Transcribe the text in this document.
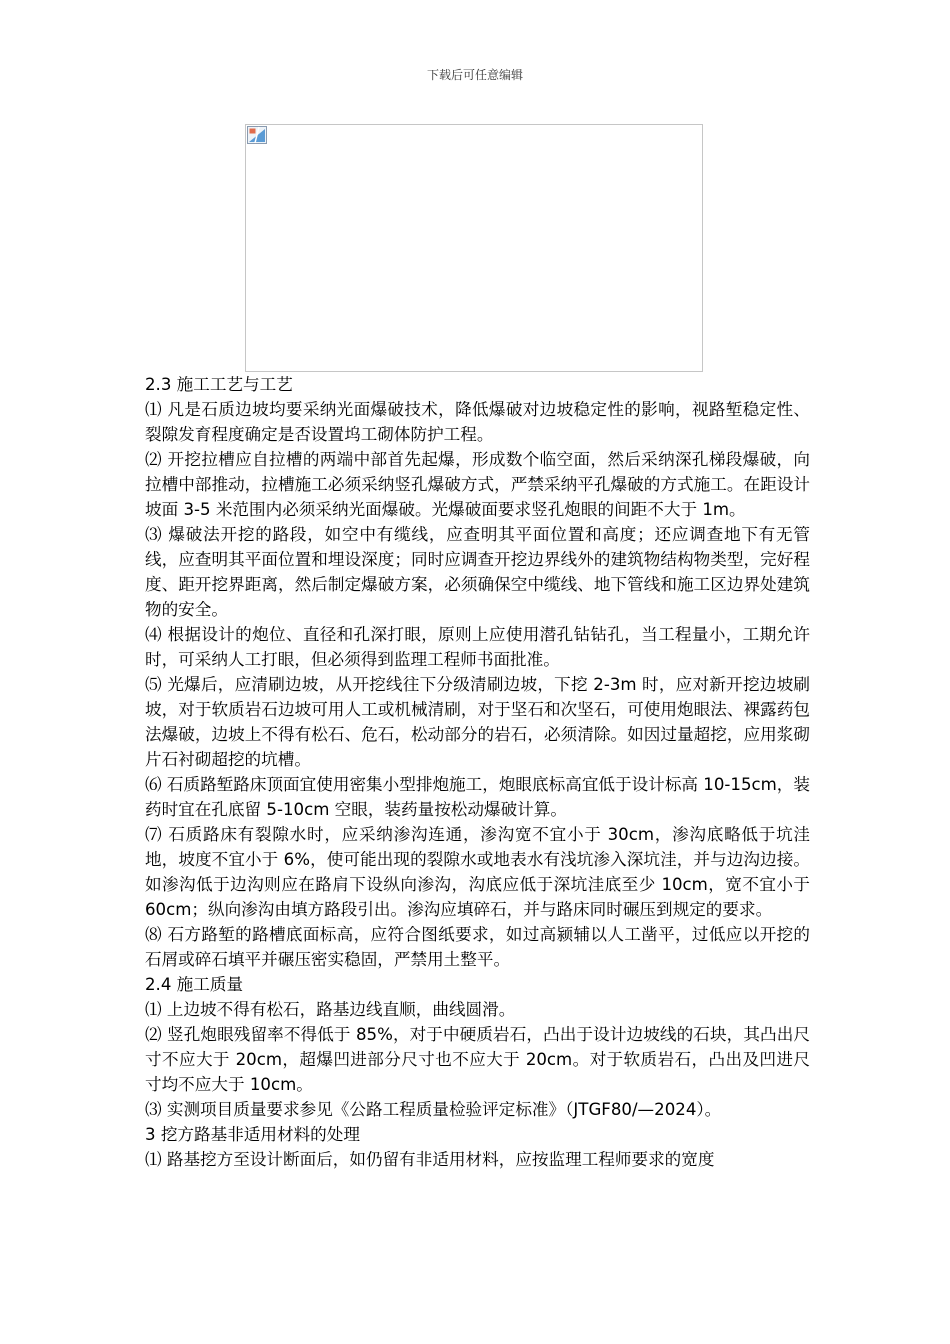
下载后可任意编辑

2.3 施工工艺与工艺

⑴ 凡是石质边坡均要采纳光面爆破技术，降低爆破对边坡稳定性的影响，视路堑稳定性、裂隙发育程度确定是否设置坞工砌体防护工程。

⑵ 开挖拉槽应自拉槽的两端中部首先起爆，形成数个临空面，然后采纳深孔梯段爆破，向拉槽中部推动，拉槽施工必须采纳竖孔爆破方式，严禁采纳平孔爆破的方式施工。在距设计坡面 3-5 米范围内必须采纳光面爆破。光爆破面要求竖孔炮眼的间距不大于 1m。

⑶ 爆破法开挖的路段，如空中有缆线，应查明其平面位置和高度；还应调查地下有无管线，应查明其平面位置和埋设深度；同时应调查开挖边界线外的建筑物结构物类型，完好程度、距开挖界距离，然后制定爆破方案，必须确保空中缆线、地下管线和施工区边界处建筑物的安全。

⑷ 根据设计的炮位、直径和孔深打眼，原则上应使用潜孔钻钻孔，当工程量小，工期允许时，可采纳人工打眼，但必须得到监理工程师书面批准。

⑸ 光爆后，应清刷边坡，从开挖线往下分级清刷边坡，下挖 2-3m 时，应对新开挖边坡刷坡，对于软质岩石边坡可用人工或机械清刷，对于坚石和次坚石，可使用炮眼法、裸露药包法爆破，边坡上不得有松石、危石，松动部分的岩石，必须清除。如因过量超挖，应用浆砌片石衬砌超挖的坑槽。

⑹ 石质路堑路床顶面宜使用密集小型排炮施工，炮眼底标高宜低于设计标高 10-15cm，装药时宜在孔底留 5-10cm 空眼，装药量按松动爆破计算。

⑺ 石质路床有裂隙水时，应采纳渗沟连通，渗沟宽不宜小于 30cm，渗沟底略低于坑洼地，坡度不宜小于 6%，使可能出现的裂隙水或地表水有浅坑渗入深坑洼，并与边沟边接。如渗沟低于边沟则应在路肩下设纵向渗沟，沟底应低于深坑洼底至少 10cm，宽不宜小于 60cm；纵向渗沟由填方路段引出。渗沟应填碎石，并与路床同时碾压到规定的要求。

⑻ 石方路堑的路槽底面标高，应符合图纸要求，如过高颍辅以人工凿平，过低应以开挖的石屑或碎石填平并碾压密实稳固，严禁用土整平。

2.4 施工质量

⑴ 上边坡不得有松石，路基边线直顺，曲线圆滑。

⑵ 竖孔炮眼残留率不得低于 85%，对于中硬质岩石，凸出于设计边坡线的石块，其凸出尺寸不应大于 20cm，超爆凹进部分尺寸也不应大于 20cm。对于软质岩石，凸出及凹进尺寸均不应大于 10cm。

⑶ 实测项目质量要求参见《公路工程质量检验评定标准》（JTGF80/—2024）。

3 挖方路基非适用材料的处理

⑴ 路基挖方至设计断面后，如仍留有非适用材料，应按监理工程师要求的宽度
